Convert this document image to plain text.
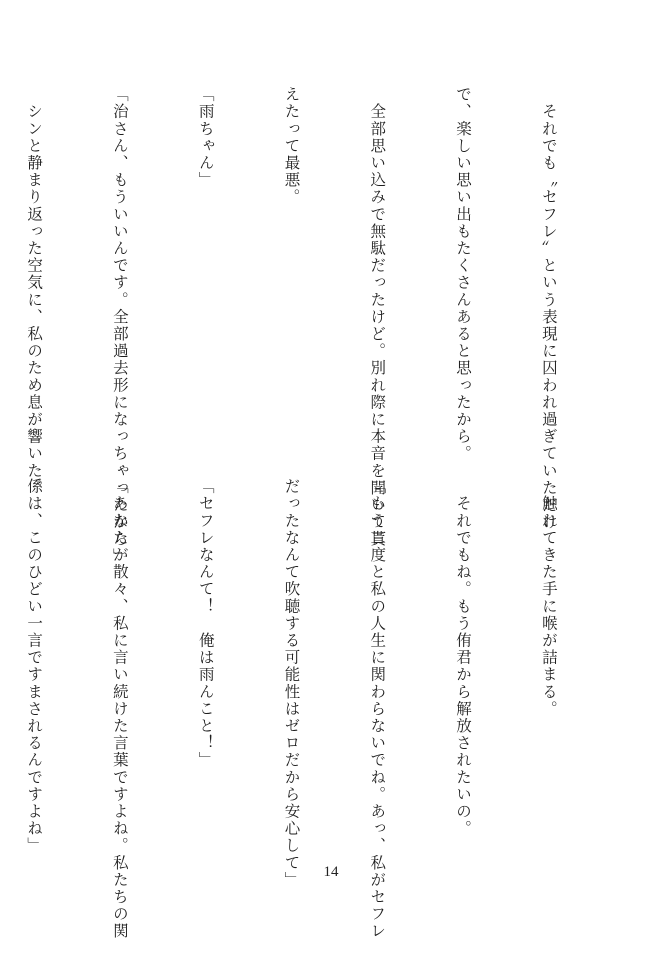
　それでも〝セフレ〟という表現に囚われ過ぎていただけ

で、楽しい思い出もたくさんあると思ったから。

　全部思い込みで無駄だったけど。別れ際に本音を聞いて貰

えたって最悪。

「雨ちゃん」

「治さん、もういいんです。全部過去形になっちゃったから」

　シンと静まり返った空気に、私のため息が響いた。

　触れてきた手に喉が詰まる。

　それでもね。もう侑君から解放されたいの。

「もう二度と私の人生に関わらないでね。あっ、私がセフレ

だったなんて吹聴する可能性はゼロだから安心して」

「セフレなんて！　俺は雨んこと！」

「あなたが散々、私に言い続けた言葉ですよね。私たちの関

係は、このひどい一言ですまされるんですよね」

14
